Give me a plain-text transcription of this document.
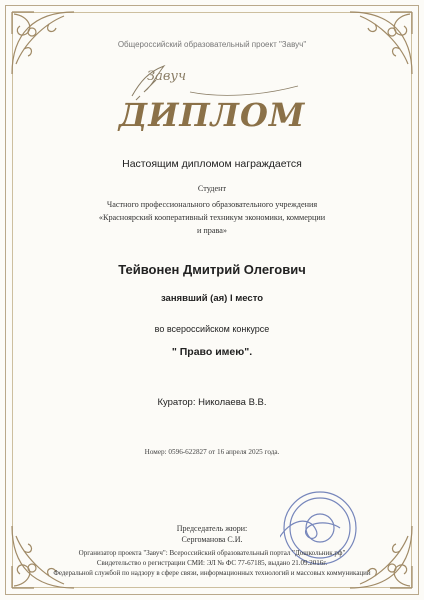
Общероссийский образовательный проект "Завуч"
Завуч
ДИПЛОМ
Настоящим дипломом награждается
Студент
Частного профессионального образовательного учреждения
«Красноярский кооперативный техникум экономики, коммерции
и права»
Тейвонен Дмитрий Олегович
занявший (ая) I место
во всероссийском конкурсе
" Право имею".
Куратор: Николаева В.В.
Номер: 0596-622827 от 16 апреля 2025 года.
Председатель жюри:
Сергоманова С.И.
Организатор проекта "Завуч": Всероссийский образовательный портал "Дошкольник.рф"
Свидетельство о регистрации СМИ: ЭЛ № ФС 77-67185, выдано 21.09.2016г.
Федеральной службой по надзору в сфере связи, информационных технологий и массовых коммуникаций
